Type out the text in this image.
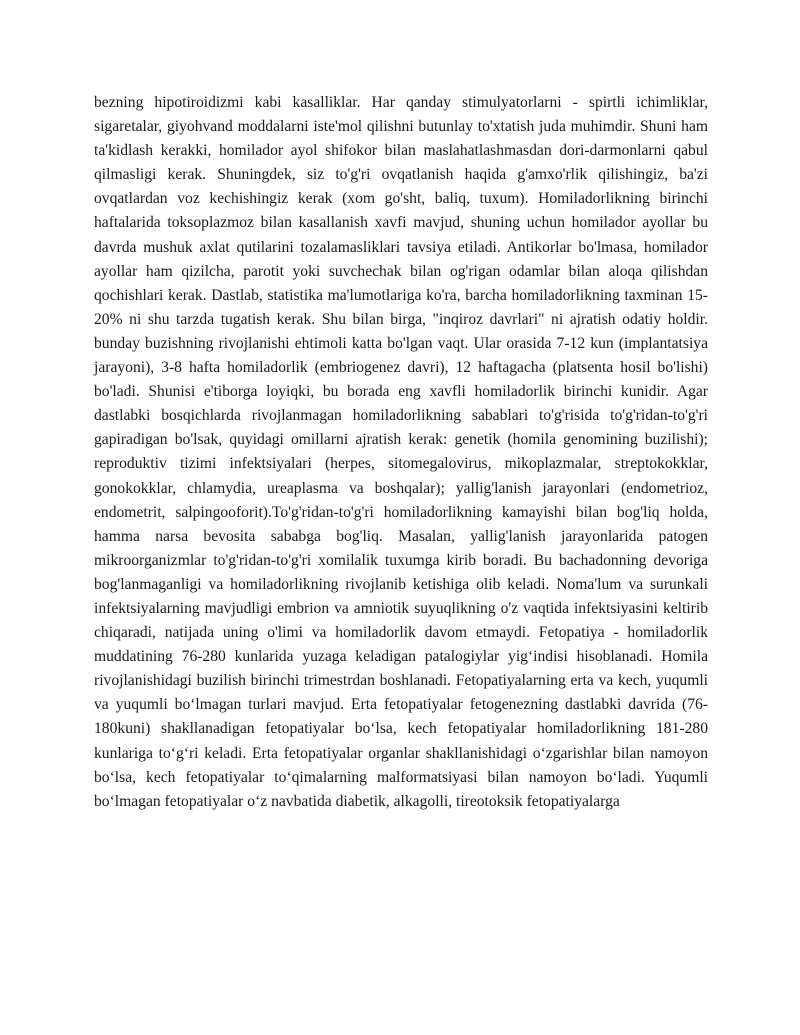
bezning hipotiroidizmi kabi kasalliklar. Har qanday stimulyatorlarni - spirtli ichimliklar, sigaretalar, giyohvand moddalarni iste'mol qilishni butunlay to'xtatish juda muhimdir. Shuni ham ta'kidlash kerakki, homilador ayol shifokor bilan maslahatlashmasdan dori-darmonlarni qabul qilmasligi kerak. Shuningdek, siz to'g'ri ovqatlanish haqida g'amxo'rlik qilishingiz, ba'zi ovqatlardan voz kechishingiz kerak (xom go'sht, baliq, tuxum). Homiladorlikning birinchi haftalarida toksoplazmoz bilan kasallanish xavfi mavjud, shuning uchun homilador ayollar bu davrda mushuk axlat qutilarini tozalamasliklari tavsiya etiladi. Antikorlar bo'lmasa, homilador ayollar ham qizilcha, parotit yoki suvchechak bilan og'rigan odamlar bilan aloqa qilishdan qochishlari kerak. Dastlab, statistika ma'lumotlariga ko'ra, barcha homiladorlikning taxminan 15-20% ni shu tarzda tugatish kerak. Shu bilan birga, "inqiroz davrlari" ni ajratish odatiy holdir. bunday buzishning rivojlanishi ehtimoli katta bo'lgan vaqt. Ular orasida 7-12 kun (implantatsiya jarayoni), 3-8 hafta homiladorlik (embriogenez davri), 12 haftagacha (platsenta hosil bo'lishi) bo'ladi. Shunisi e'tiborga loyiqki, bu borada eng xavfli homiladorlik birinchi kunidir. Agar dastlabki bosqichlarda rivojlanmagan homiladorlikning sabablari to'g'risida to'g'ridan-to'g'ri gapiradigan bo'lsak, quyidagi omillarni ajratish kerak: genetik (homila genomining buzilishi); reproduktiv tizimi infektsiyalari (herpes, sitomegalovirus, mikoplazmalar, streptokokklar, gonokokklar, chlamydia, ureaplasma va boshqalar); yallig'lanish jarayonlari (endometrioz, endometrit, salpingooforit).To'g'ridan-to'g'ri homiladorlikning kamayishi bilan bog'liq holda, hamma narsa bevosita sababga bog'liq. Masalan, yallig'lanish jarayonlarida patogen mikroorganizmlar to'g'ridan-to'g'ri xomilalik tuxumga kirib boradi. Bu bachadonning devoriga bog'lanmaganligi va homiladorlikning rivojlanib ketishiga olib keladi. Noma'lum va surunkali infektsiyalarning mavjudligi embrion va amniotik suyuqlikning o'z vaqtida infektsiyasini keltirib chiqaradi, natijada uning o'limi va homiladorlik davom etmaydi. Fetopatiya - homiladorlik muddatining 76-280 kunlarida yuzaga keladigan patalogiylar yig‘indisi hisoblanadi. Homila rivojlanishidagi buzilish birinchi trimestrdan boshlanadi. Fetopatiyalarning erta va kech, yuqumli va yuqumli bo‘lmagan turlari mavjud. Erta fetopatiyalar fetogenezning dastlabki davrida (76-180kuni) shakllanadigan fetopatiyalar bo‘lsa, kech fetopatiyalar homiladorlikning 181-280 kunlariga to‘g‘ri keladi. Erta fetopatiyalar organlar shakllanishidagi o‘zgarishlar bilan namoyon bo‘lsa, kech fetopatiyalar to‘qimalarning malformatsiyasi bilan namoyon bo‘ladi. Yuqumli bo‘lmagan fetopatiyalar o‘z navbatida diabetik, alkagolli, tireotoksik fetopatiyalarga
